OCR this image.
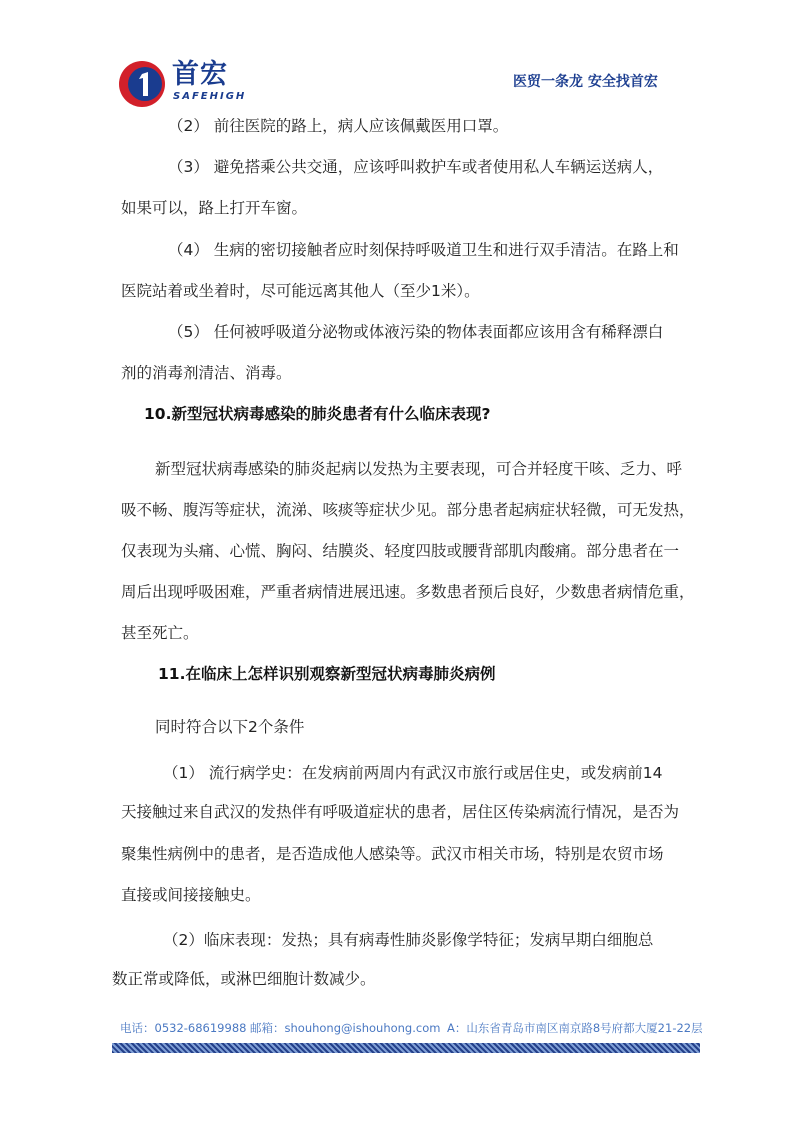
首宏
SAFEHIGH
医贸一条龙 安全找首宏
（2） 前往医院的路上，病人应该佩戴医用口罩。
（3） 避免搭乘公共交通，应该呼叫救护车或者使用私人车辆运送病人，
如果可以，路上打开车窗。
（4） 生病的密切接触者应时刻保持呼吸道卫生和进行双手清洁。在路上和
医院站着或坐着时，尽可能远离其他人（至少1米）。
（5） 任何被呼吸道分泌物或体液污染的物体表面都应该用含有稀释漂白
剂的消毒剂清洁、消毒。
10.新型冠状病毒感染的肺炎患者有什么临床表现?
新型冠状病毒感染的肺炎起病以发热为主要表现，可合并轻度干咳、乏力、呼
吸不畅、腹泻等症状，流涕、咳痰等症状少见。部分患者起病症状轻微，可无发热，
仅表现为头痛、心慌、胸闷、结膜炎、轻度四肢或腰背部肌肉酸痛。部分患者在一
周后出现呼吸困难，严重者病情进展迅速。多数患者预后良好，少数患者病情危重，
甚至死亡。
11.在临床上怎样识别观察新型冠状病毒肺炎病例
同时符合以下2个条件
（1） 流行病学史：在发病前两周内有武汉市旅行或居住史，或发病前14
天接触过来自武汉的发热伴有呼吸道症状的患者，居住区传染病流行情况，是否为
聚集性病例中的患者，是否造成他人感染等。武汉市相关市场，特别是农贸市场
直接或间接接触史。
（2）临床表现：发热；具有病毒性肺炎影像学特征；发病早期白细胞总
数正常或降低，或淋巴细胞计数减少。
电话：0532-68619988 邮箱：shouhong@ishouhong.com A：山东省青岛市南区南京路8号府都大厦21-22层
